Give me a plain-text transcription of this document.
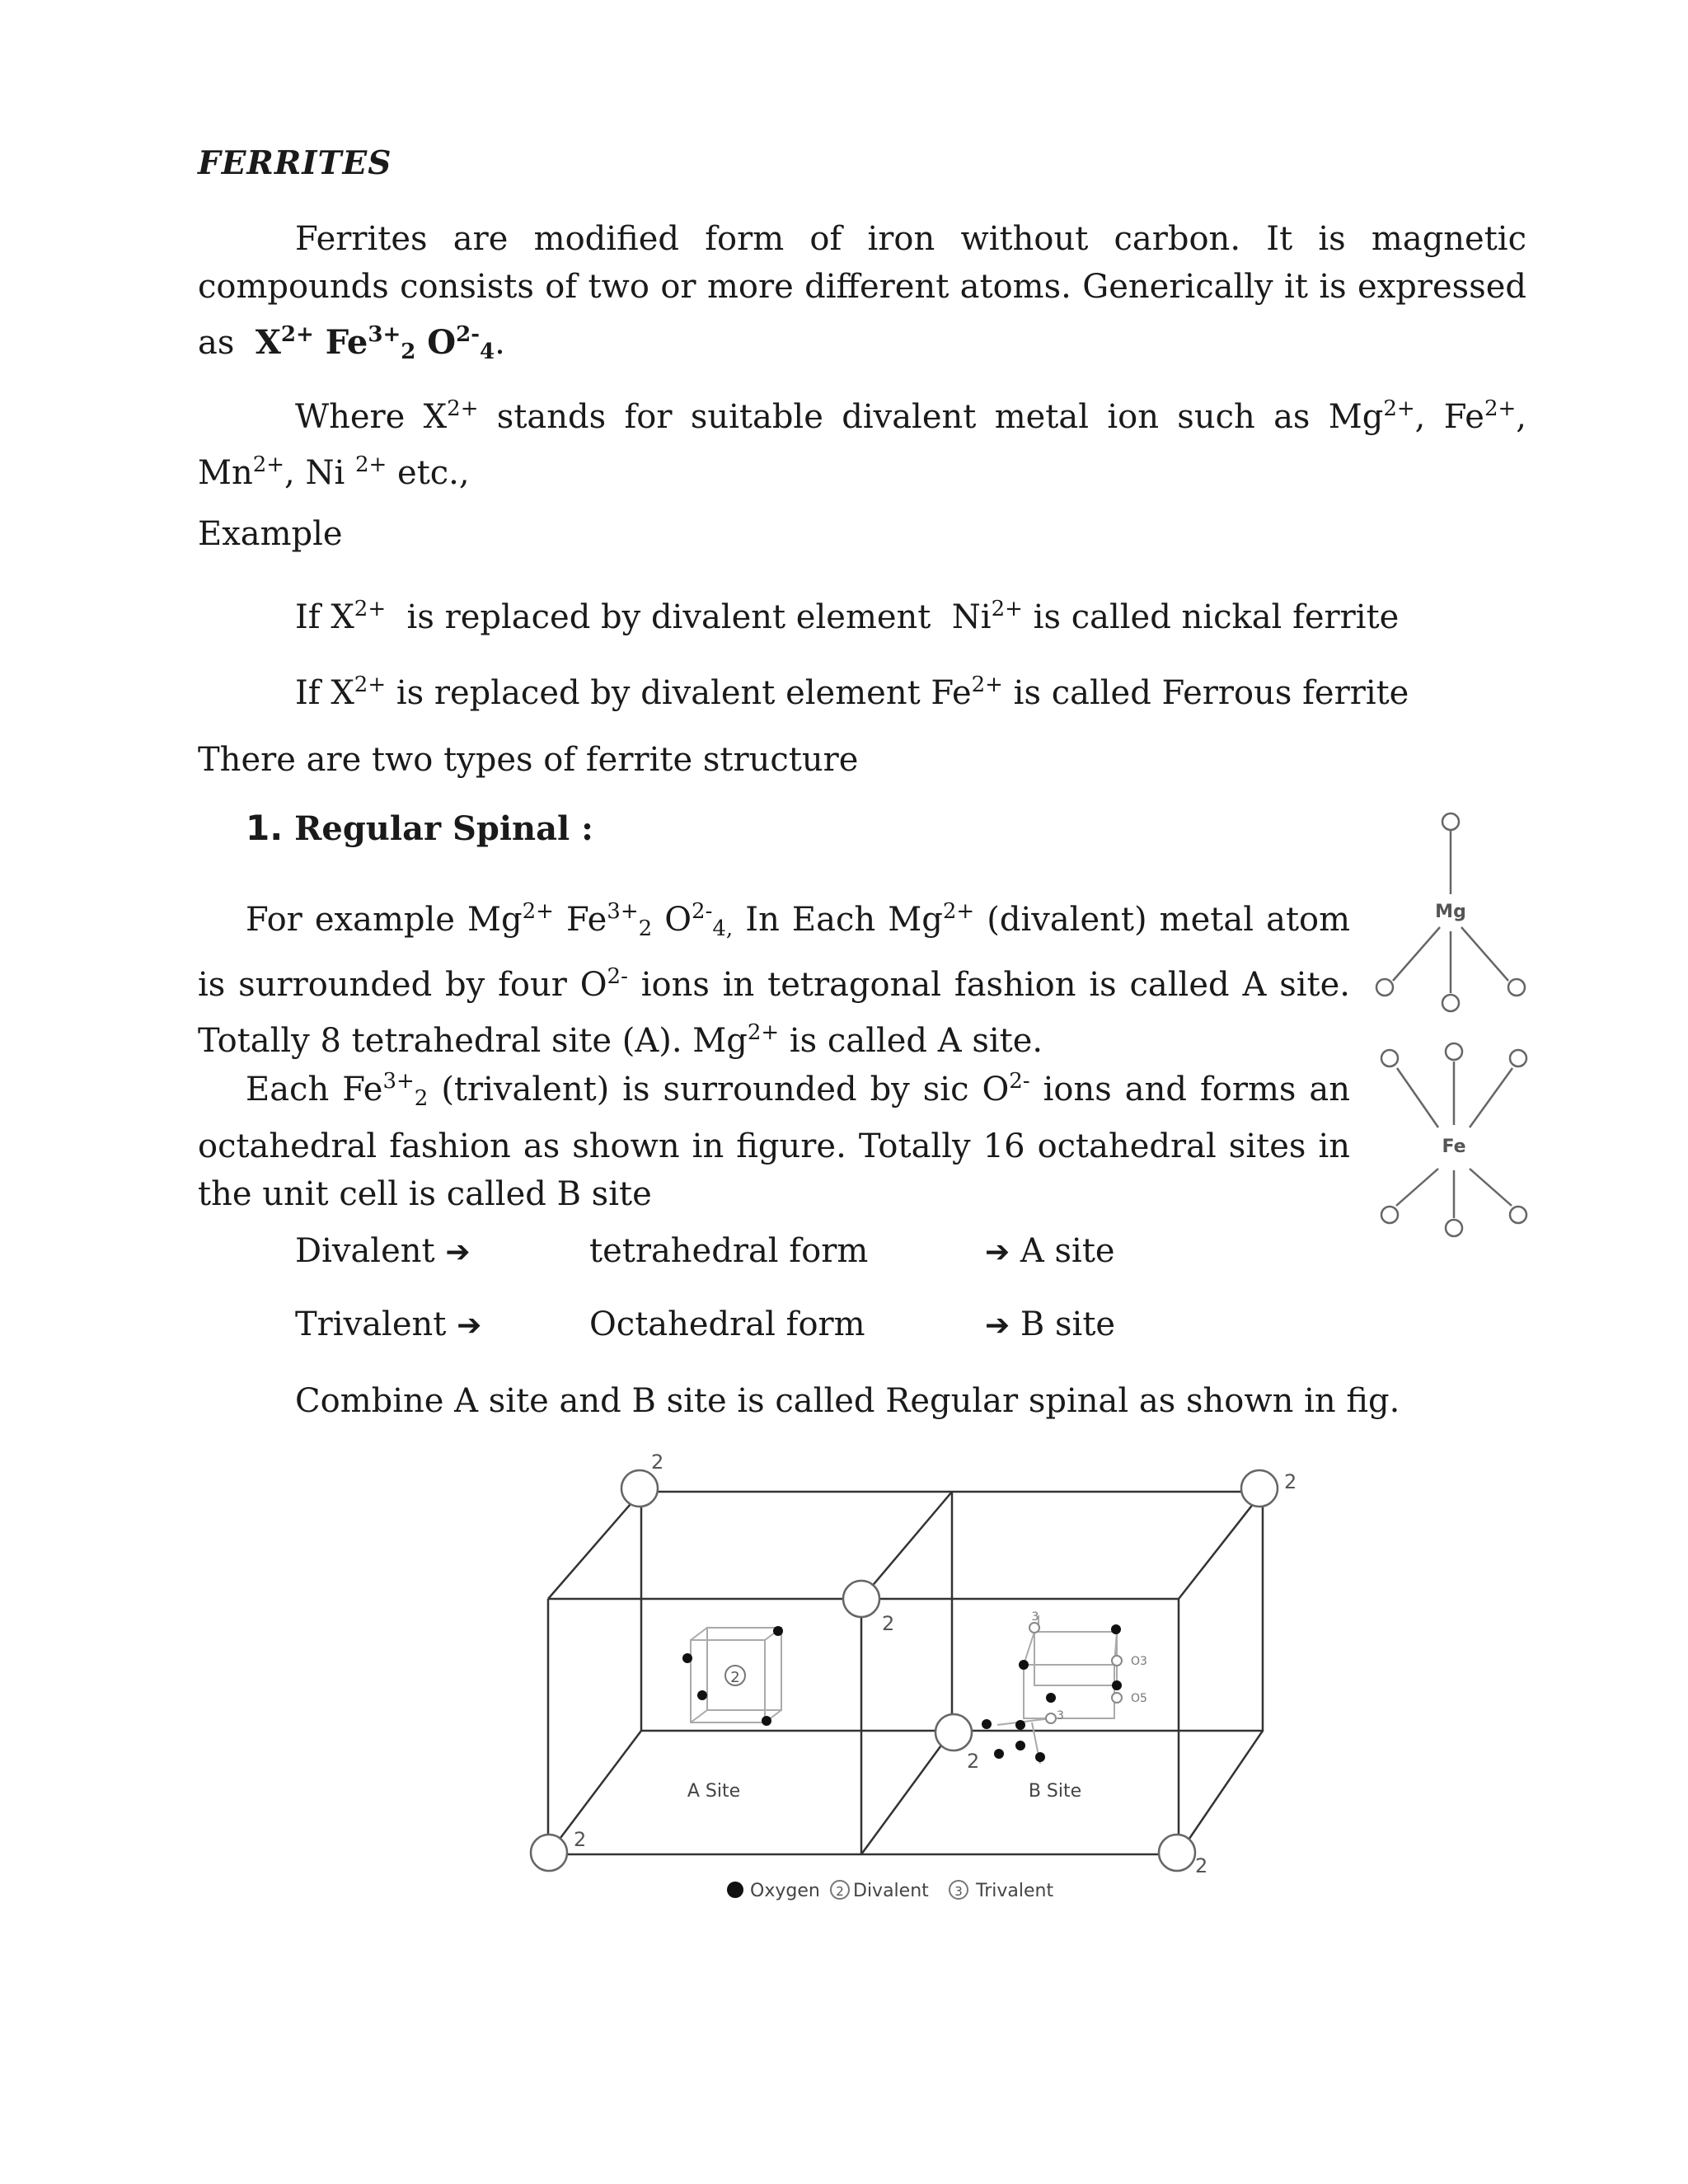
FERRITES
Ferrites are modified form of iron without carbon. It is magnetic compounds consists of two or more different atoms. Generically it is expressed as $X^{2+}$ $Fe^{3+}_2$ $O^{2-}_4$.
Where $X^{2+}$ stands for suitable divalent metal ion such as $Mg^{2+}$, $Fe^{2+}$, $Mn^{2+}$, Ni $^{2+}$ etc.,
Example
If $X^{2+}$  is replaced by divalent element  $Ni^{2+}$ is called nickal ferrite
If $X^{2+}$ is replaced by divalent element $Fe^{2+}$ is called Ferrous ferrite
There are two types of ferrite structure
1. Regular Spinal :
For example $Mg^{2+}$ $Fe^{3+}_2$ $O^{2-}_{4,}$ In Each $Mg^{2+}$ (divalent) metal atom is surrounded by four $O^{2-}$ ions in tetragonal fashion is called A site. Totally 8 tetrahedral site (A). $Mg^{2+}$ is called A site.
Each $Fe^{3+}_2$ (trivalent) is surrounded by sic $O^{2-}$ ions and forms an octahedral fashion as shown in figure. Totally 16 octahedral sites in the unit cell is called B site
Divalent ➔	tetrahedral form	➔ A site
Trivalent ➔	Octahedral form	➔ B site
Combine A site and B site is called Regular spinal as shown in fig.
Mg
Fe
2
3
O3
O5
3
2
2
2
2
2
2
A Site	B Site
Oxygen 2 Divalent 3 Trivalent
